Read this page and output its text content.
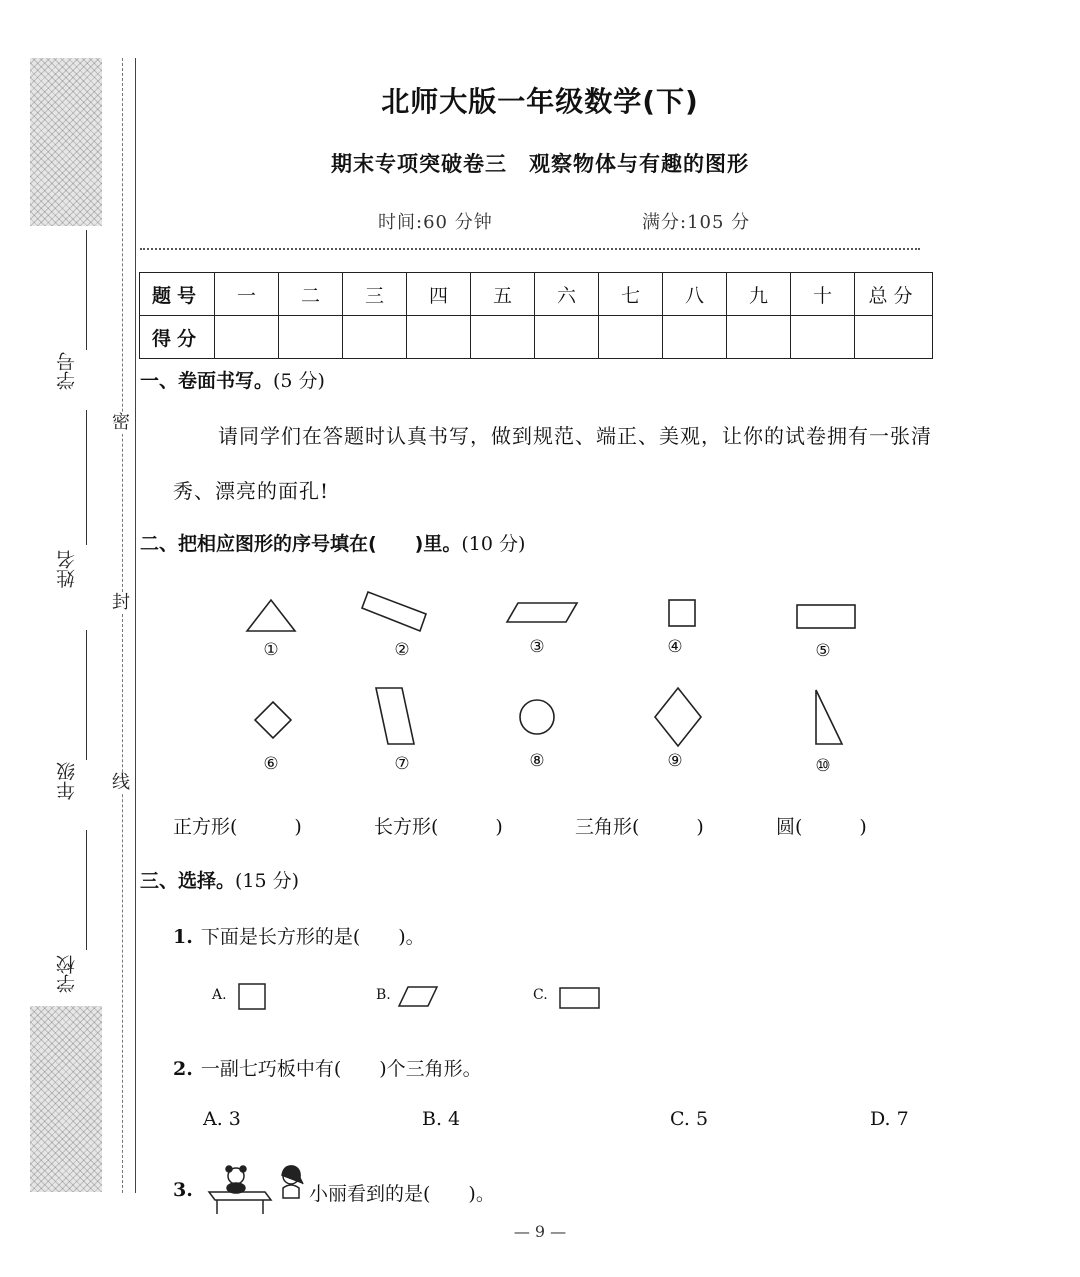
学号
姓名
年级
学校
密
封
线
北师大版一年级数学(下)
期末专项突破卷三　观察物体与有趣的图形
时间:60 分钟	满分:105 分
题号	一	二	三	四	五	六	七	八	九	十	总分
得分											
一、卷面书写。(5 分)
请同学们在答题时认真书写，做到规范、端正、美观，让你的试卷拥有一张清
秀、漂亮的面孔!
二、把相应图形的序号填在(　　)里。(10 分)
①	②	③	④	⑤
⑥	⑦	⑧	⑨	⑩
正方形(　　　)	长方形(　　　)	三角形(　　　)	圆(　　　)
三、选择。(15 分)
1. 下面是长方形的是(　　)。
A.	B.	C.
2. 一副七巧板中有(　　)个三角形。
A. 3	B. 4	C. 5	D. 7
3.	小丽看到的是(　　)。
— 9 —
